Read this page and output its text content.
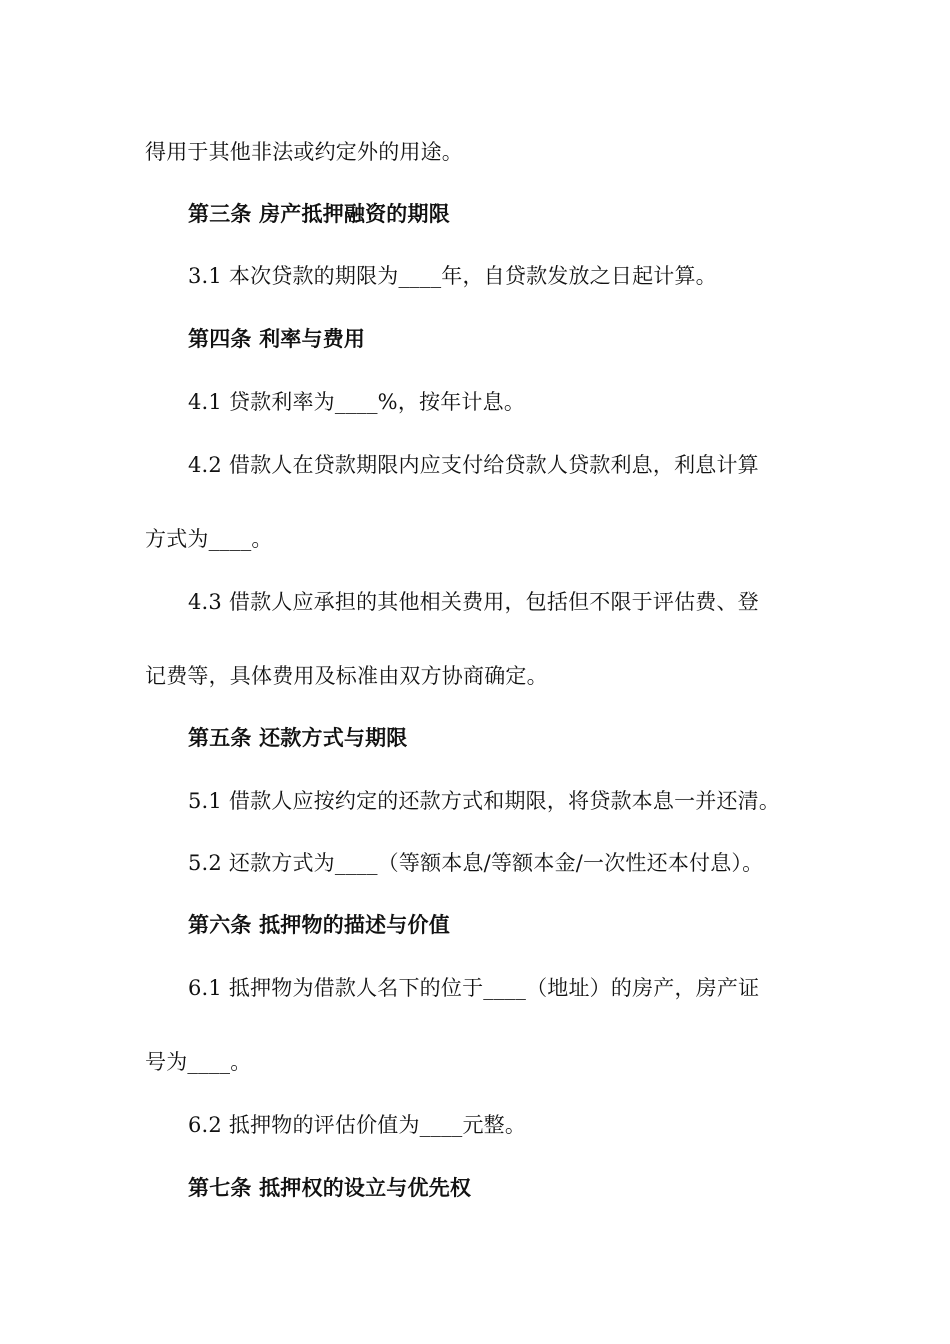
得用于其他非法或约定外的用途。
第三条 房产抵押融资的期限
3.1 本次贷款的期限为____年，自贷款发放之日起计算。
第四条 利率与费用
4.1 贷款利率为____%，按年计息。
4.2 借款人在贷款期限内应支付给贷款人贷款利息，利息计算
方式为____。
4.3 借款人应承担的其他相关费用，包括但不限于评估费、登
记费等，具体费用及标准由双方协商确定。
第五条 还款方式与期限
5.1 借款人应按约定的还款方式和期限，将贷款本息一并还清。
5.2 还款方式为____（等额本息/等额本金/一次性还本付息）。
第六条 抵押物的描述与价值
6.1 抵押物为借款人名下的位于____（地址）的房产，房产证
号为____。
6.2 抵押物的评估价值为____元整。
第七条 抵押权的设立与优先权
